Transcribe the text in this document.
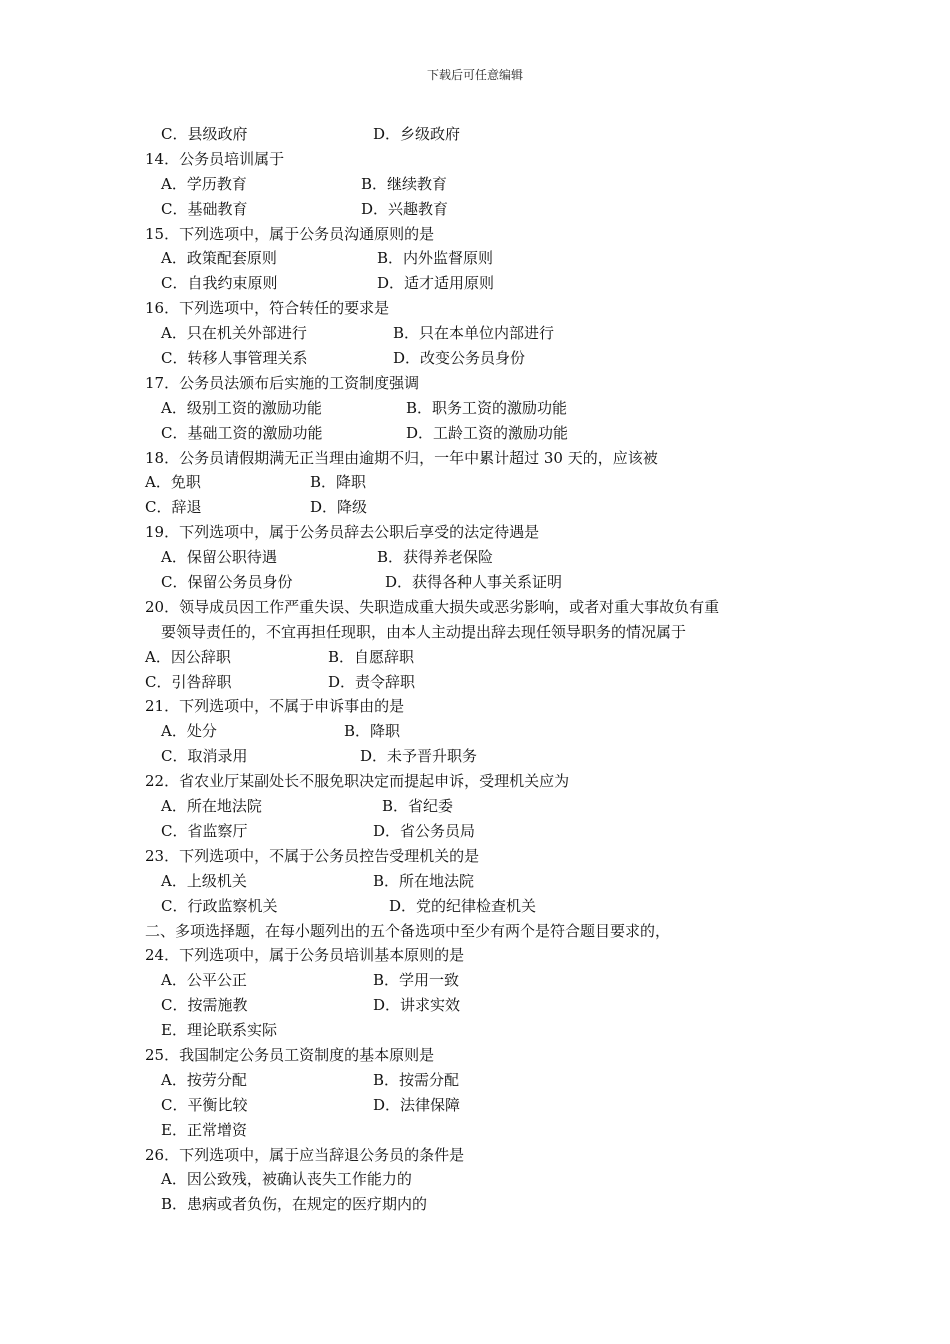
下载后可任意编辑
C．县级政府	D．乡级政府
14．公务员培训属于
A．学历教育	B．继续教育
C．基础教育	D．兴趣教育
15．下列选项中，属于公务员沟通原则的是
A．政策配套原则	B．内外监督原则
C．自我约束原则	D．适才适用原则
16．下列选项中，符合转任的要求是
A．只在机关外部进行	B．只在本单位内部进行
C．转移人事管理关系	D．改变公务员身份
17．公务员法颁布后实施的工资制度强调
A．级别工资的激励功能	B．职务工资的激励功能
C．基础工资的激励功能	D．工龄工资的激励功能
18．公务员请假期满无正当理由逾期不归，一年中累计超过 30 天的，应该被
A．免职	B．降职
C．辞退	D．降级
19．下列选项中，属于公务员辞去公职后享受的法定待遇是
A．保留公职待遇	B．获得养老保险
C．保留公务员身份	D．获得各种人事关系证明
20．领导成员因工作严重失误、失职造成重大损失或恶劣影响，或者对重大事故负有重
要领导责任的，不宜再担任现职，由本人主动提出辞去现任领导职务的情况属于
A．因公辞职	B．自愿辞职
C．引咎辞职	D．责令辞职
21．下列选项中，不属于申诉事由的是
A．处分	B．降职
C．取消录用	D．未予晋升职务
22．省农业厅某副处长不服免职决定而提起申诉，受理机关应为
A．所在地法院	B．省纪委
C．省监察厅	D．省公务员局
23．下列选项中，不属于公务员控告受理机关的是
A．上级机关	B．所在地法院
C．行政监察机关	D．党的纪律检查机关
二、多项选择题，在每小题列出的五个备选项中至少有两个是符合题目要求的，
24．下列选项中，属于公务员培训基本原则的是
A．公平公正	B．学用一致
C．按需施教	D．讲求实效
E．理论联系实际
25．我国制定公务员工资制度的基本原则是
A．按劳分配	B．按需分配
C．平衡比较	D．法律保障
E．正常增资
26．下列选项中，属于应当辞退公务员的条件是
A．因公致残，被确认丧失工作能力的
B．患病或者负伤，在规定的医疗期内的
